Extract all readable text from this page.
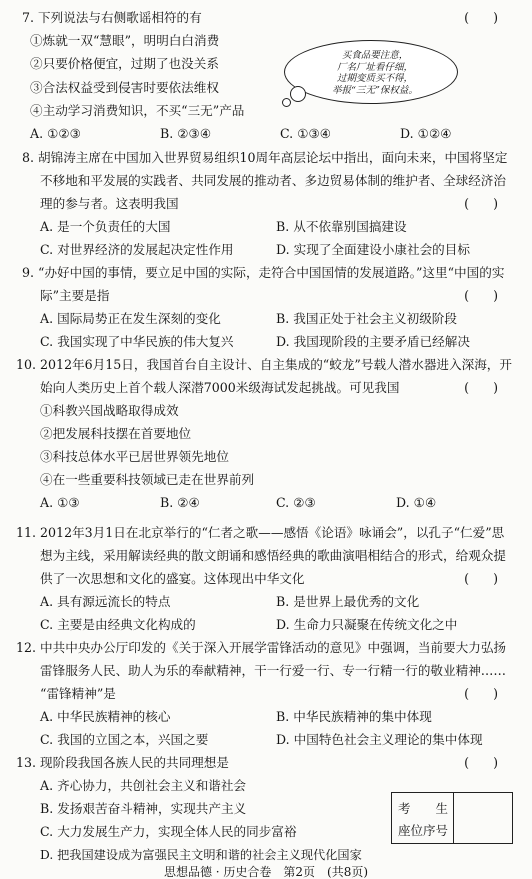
7. 下列说法与右侧歌谣相符的有	(      )
①炼就一双“慧眼”，明明白白消费
②只要价格便宜，过期了也没关系
③合法权益受到侵害时要依法维权
④主动学习消费知识，不买“三无”产品
A. ①②③	B. ②③④	C. ①③④	D. ①②④
买食品要注意，
厂名厂址看仔细，
过期变质买不得，
举报“三无”保权益。
8. 胡锦涛主席在中国加入世界贸易组织10周年高层论坛中指出，面向未来，中国将坚定
不移地和平发展的实践者、共同发展的推动者、多边贸易体制的维护者、全球经济治
理的参与者。这表明我国	(      )
A. 是一个负责任的大国	B. 从不依靠别国搞建设
C. 对世界经济的发展起决定性作用	D. 实现了全面建设小康社会的目标
9. “办好中国的事情，要立足中国的实际，走符合中国国情的发展道路。”这里“中国的实
际”主要是指	(      )
A. 国际局势正在发生深刻的变化	B. 我国正处于社会主义初级阶段
C. 我国实现了中华民族的伟大复兴	D. 我国现阶段的主要矛盾已经解决
10. 2012年6月15日，我国首台自主设计、自主集成的“蛟龙”号载人潜水器进入深海，开
始向人类历史上首个载人深潜7000米级海试发起挑战。可见我国	(      )
①科教兴国战略取得成效
②把发展科技摆在首要地位
③科技总体水平已居世界领先地位
④在一些重要科技领域已走在世界前列
A. ①③	B. ②④	C. ②③	D. ①④
11. 2012年3月1日在北京举行的“仁者之歌——感悟《论语》咏诵会”，以孔子“仁爱”思
想为主线，采用解读经典的散文朗诵和感悟经典的歌曲演唱相结合的形式，给观众提
供了一次思想和文化的盛宴。这体现出中华文化	(      )
A. 具有源远流长的特点	B. 是世界上最优秀的文化
C. 主要是由经典文化构成的	D. 生命力只凝聚在传统文化之中
12. 中共中央办公厅印发的《关于深入开展学雷锋活动的意见》中强调，当前要大力弘扬
雷锋服务人民、助人为乐的奉献精神，干一行爱一行、专一行精一行的敬业精神……
“雷锋精神”是	(      )
A. 中华民族精神的核心	B. 中华民族精神的集中体现
C. 我国的立国之本，兴国之要	D. 中国特色社会主义理论的集中体现
13. 现阶段我国各族人民的共同理想是	(      )
A. 齐心协力，共创社会主义和谐社会
B. 发扬艰苦奋斗精神，实现共产主义
C. 大力发展生产力，实现全体人民的同步富裕
D. 把我国建设成为富强民主文明和谐的社会主义现代化国家
考　　生
座位序号
思想品德 · 历史合卷　第2页　(共8页)
